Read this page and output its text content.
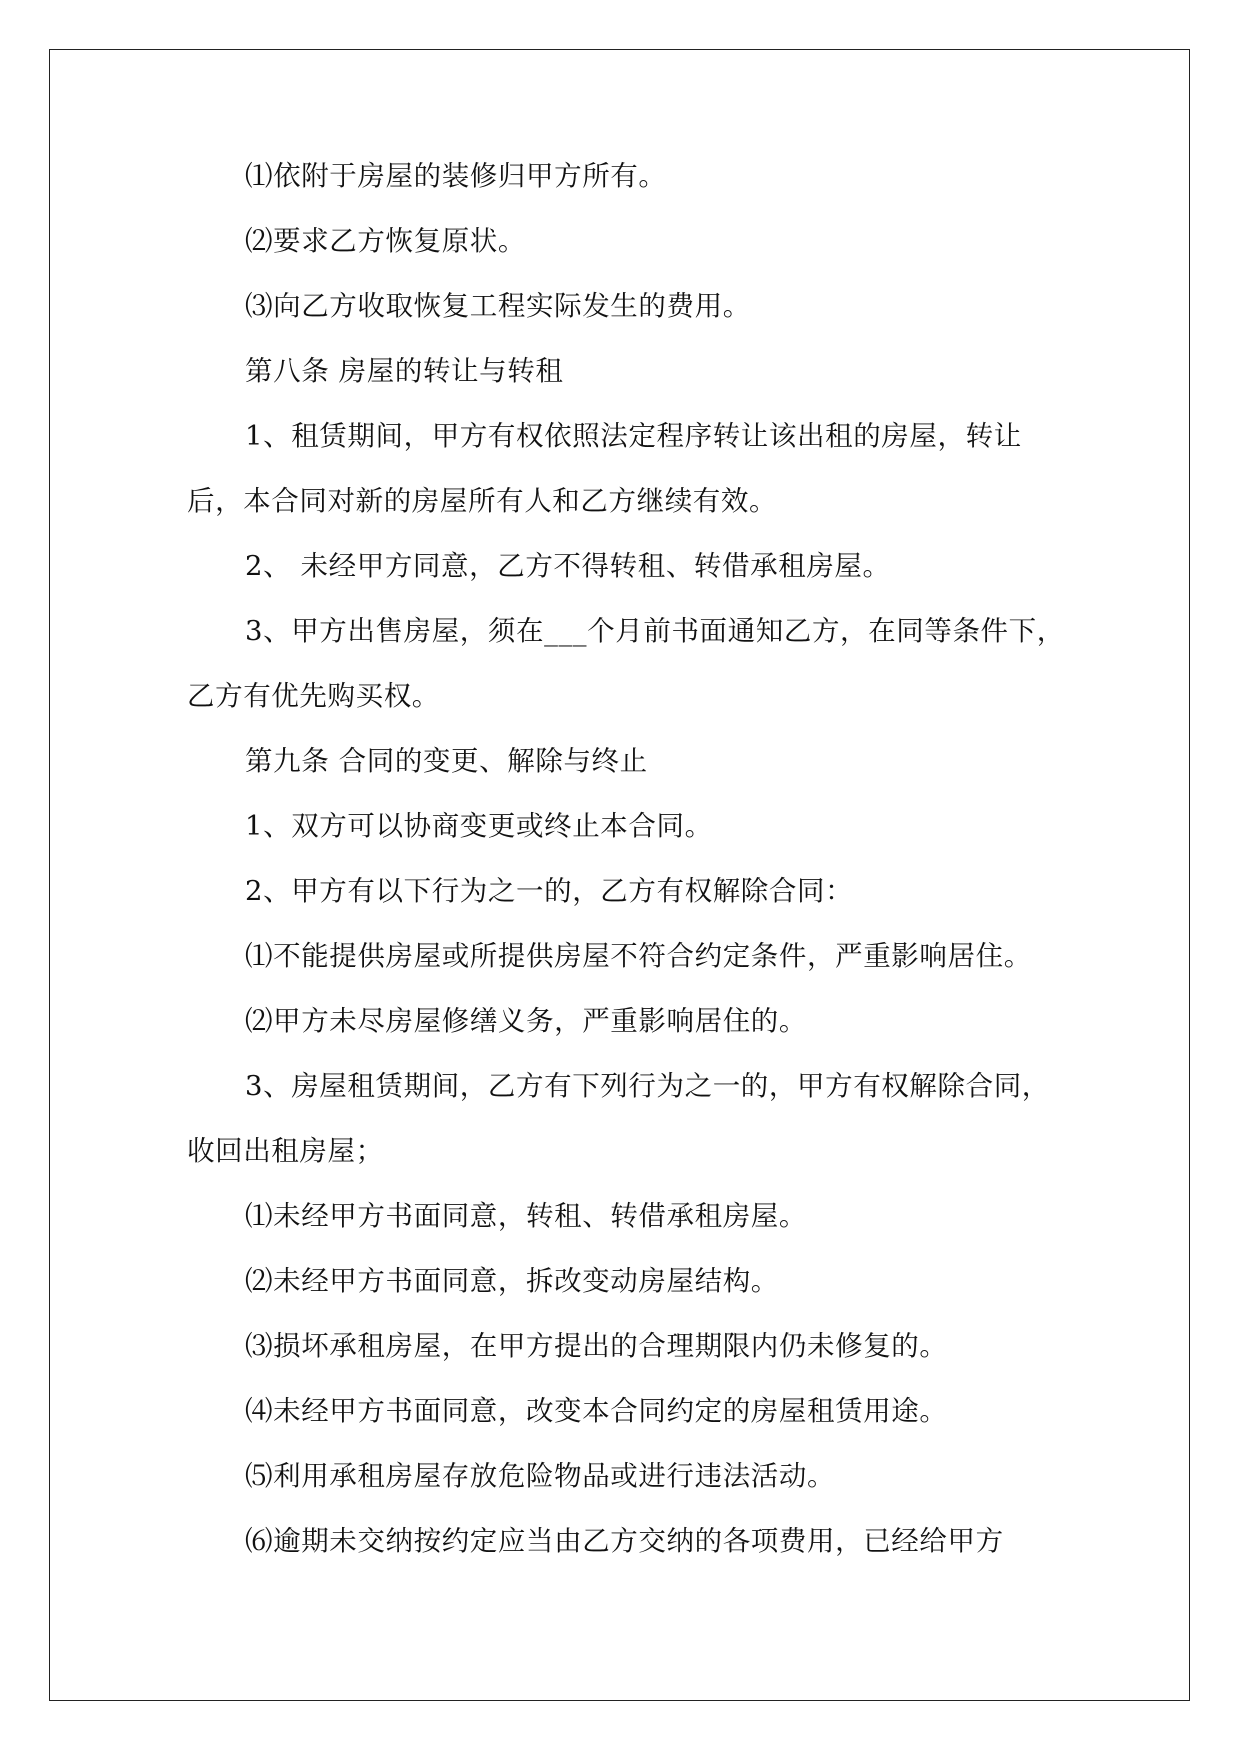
⑴依附于房屋的装修归甲方所有。
⑵要求乙方恢复原状。
⑶向乙方收取恢复工程实际发生的费用。
第八条 房屋的转让与转租
1、租赁期间，甲方有权依照法定程序转让该出租的房屋，转让
后，本合同对新的房屋所有人和乙方继续有效。
2、 未经甲方同意，乙方不得转租、转借承租房屋。
3、甲方出售房屋，须在___个月前书面通知乙方，在同等条件下，
乙方有优先购买权。
第九条 合同的变更、解除与终止
1、双方可以协商变更或终止本合同。
2、甲方有以下行为之一的，乙方有权解除合同：
⑴不能提供房屋或所提供房屋不符合约定条件，严重影响居住。
⑵甲方未尽房屋修缮义务，严重影响居住的。
3、房屋租赁期间，乙方有下列行为之一的，甲方有权解除合同，
收回出租房屋；
⑴未经甲方书面同意，转租、转借承租房屋。
⑵未经甲方书面同意，拆改变动房屋结构。
⑶损坏承租房屋，在甲方提出的合理期限内仍未修复的。
⑷未经甲方书面同意，改变本合同约定的房屋租赁用途。
⑸利用承租房屋存放危险物品或进行违法活动。
⑹逾期未交纳按约定应当由乙方交纳的各项费用，已经给甲方
